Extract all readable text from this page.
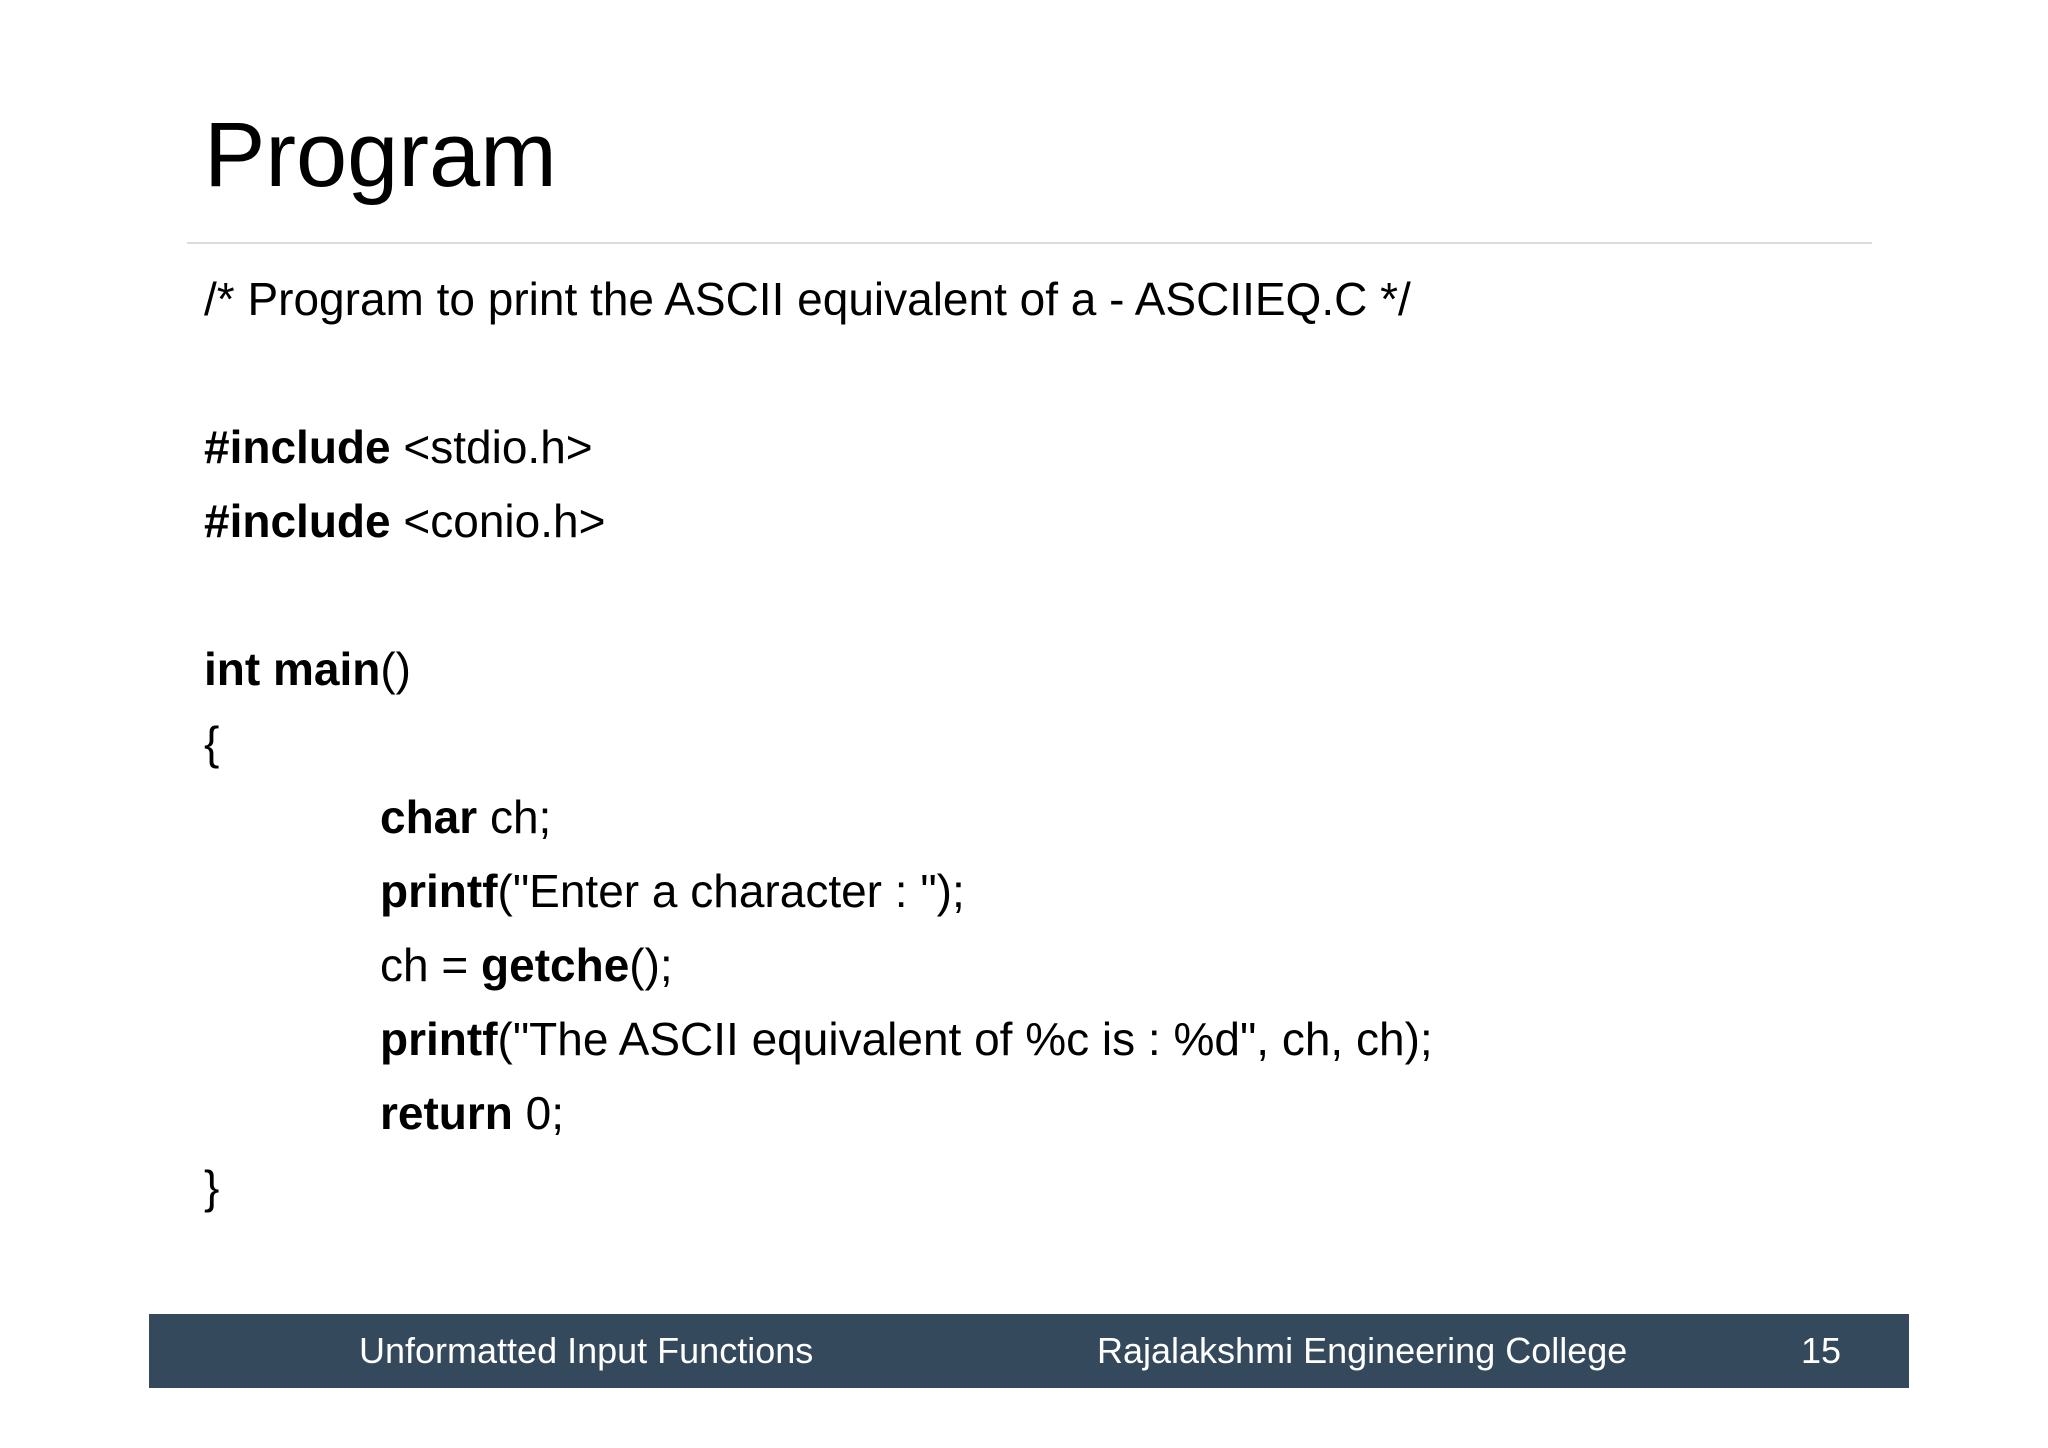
Program
/* Program to print the ASCII equivalent of a - ASCIIEQ.C */
#include <stdio.h>
#include <conio.h>
int main()
{
char ch;
printf("Enter a character : ");
ch = getche();
printf("The ASCII equivalent of %c is : %d", ch, ch);
return 0;
}
Unformatted Input Functions	Rajalakshmi Engineering College	15
